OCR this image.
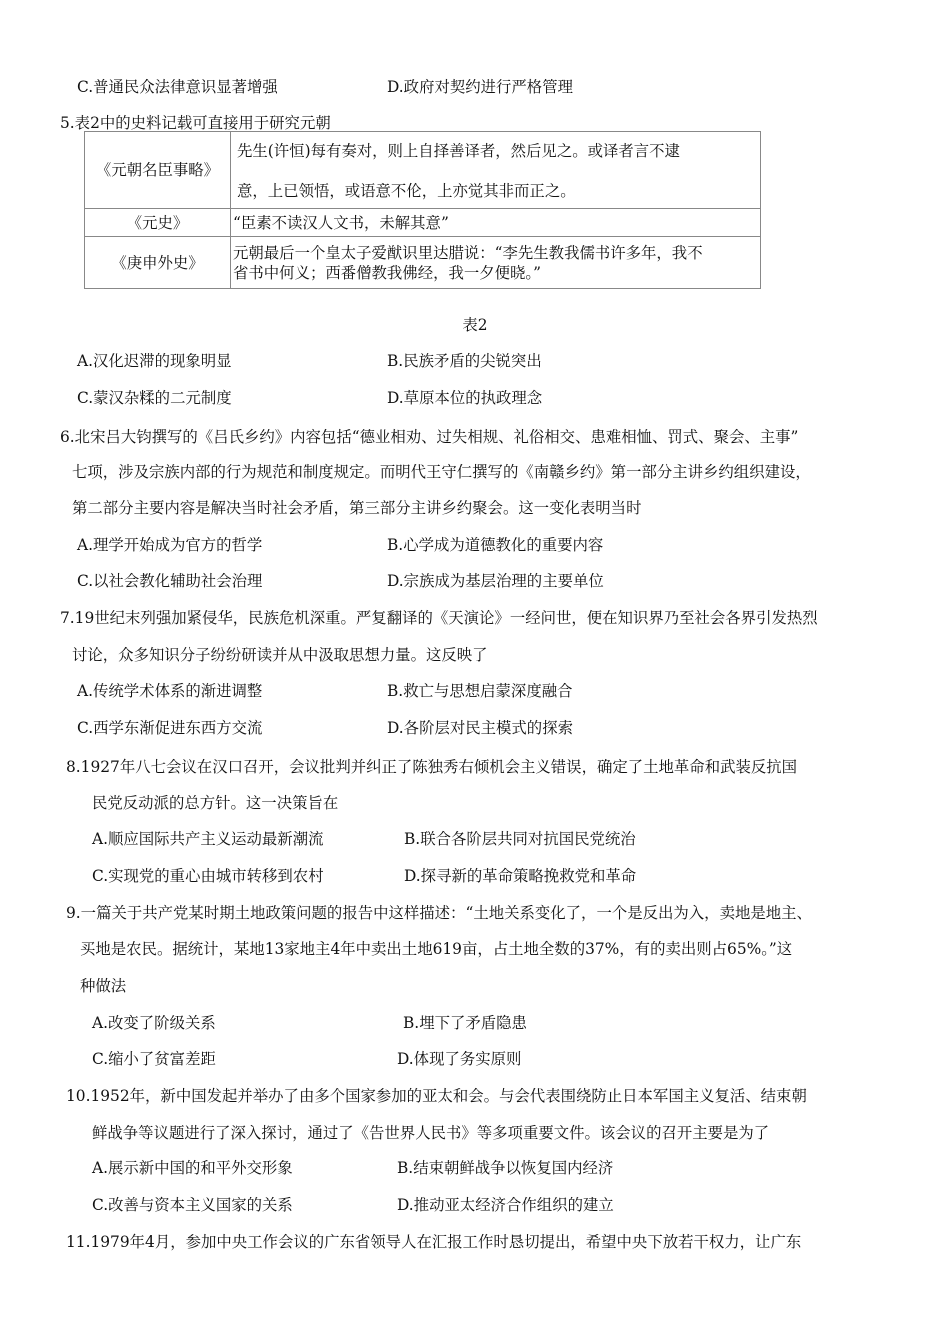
C.普通民众法律意识显著增强	D.政府对契约进行严格管理
5.表2中的史料记载可直接用于研究元朝
《元朝名臣事略》	先生(许恒)每有奏对，则上自择善译者，然后见之。或译者言不逮
意，上已领悟，或语意不伦，上亦觉其非而正之。

《元史》	“臣素不读汉人文书，未解其意”
《庚申外史》	元朝最后一个皇太子爱猷识里达腊说：“李先生教我儒书许多年，我不
省书中何义；西番僧教我佛经，我一夕便晓。”
表2
A.汉化迟滞的现象明显	B.民族矛盾的尖锐突出
C.蒙汉杂糅的二元制度	D.草原本位的执政理念
6.北宋吕大钧撰写的《吕氏乡约》内容包括“德业相劝、过失相规、礼俗相交、患难相恤、罚式、聚会、主事”
七项，涉及宗族内部的行为规范和制度规定。而明代王守仁撰写的《南赣乡约》第一部分主讲乡约组织建设，
第二部分主要内容是解决当时社会矛盾，第三部分主讲乡约聚会。这一变化表明当时
A.理学开始成为官方的哲学	B.心学成为道德教化的重要内容
C.以社会教化辅助社会治理	D.宗族成为基层治理的主要单位
7.19世纪末列强加紧侵华，民族危机深重。严复翻译的《天演论》一经问世，便在知识界乃至社会各界引发热烈
讨论，众多知识分子纷纷研读并从中汲取思想力量。这反映了
A.传统学术体系的渐进调整	B.救亡与思想启蒙深度融合
C.西学东渐促进东西方交流	D.各阶层对民主模式的探索
8.1927年八七会议在汉口召开，会议批判并纠正了陈独秀右倾机会主义错误，确定了土地革命和武装反抗国
民党反动派的总方针。这一决策旨在
A.顺应国际共产主义运动最新潮流	B.联合各阶层共同对抗国民党统治
C.实现党的重心由城市转移到农村	D.探寻新的革命策略挽救党和革命
9.一篇关于共产党某时期土地政策问题的报告中这样描述：“土地关系变化了，一个是反出为入，卖地是地主、
买地是农民。据统计，某地13家地主4年中卖出土地619亩，占土地全数的37%，有的卖出则占65%。”这
种做法
A.改变了阶级关系	B.埋下了矛盾隐患
C.缩小了贫富差距	D.体现了务实原则
10.1952年，新中国发起并举办了由多个国家参加的亚太和会。与会代表围绕防止日本军国主义复活、结束朝
鲜战争等议题进行了深入探讨，通过了《告世界人民书》等多项重要文件。该会议的召开主要是为了
A.展示新中国的和平外交形象	B.结束朝鲜战争以恢复国内经济
C.改善与资本主义国家的关系	D.推动亚太经济合作组织的建立
11.1979年4月，参加中央工作会议的广东省领导人在汇报工作时恳切提出，希望中央下放若干权力，让广东
